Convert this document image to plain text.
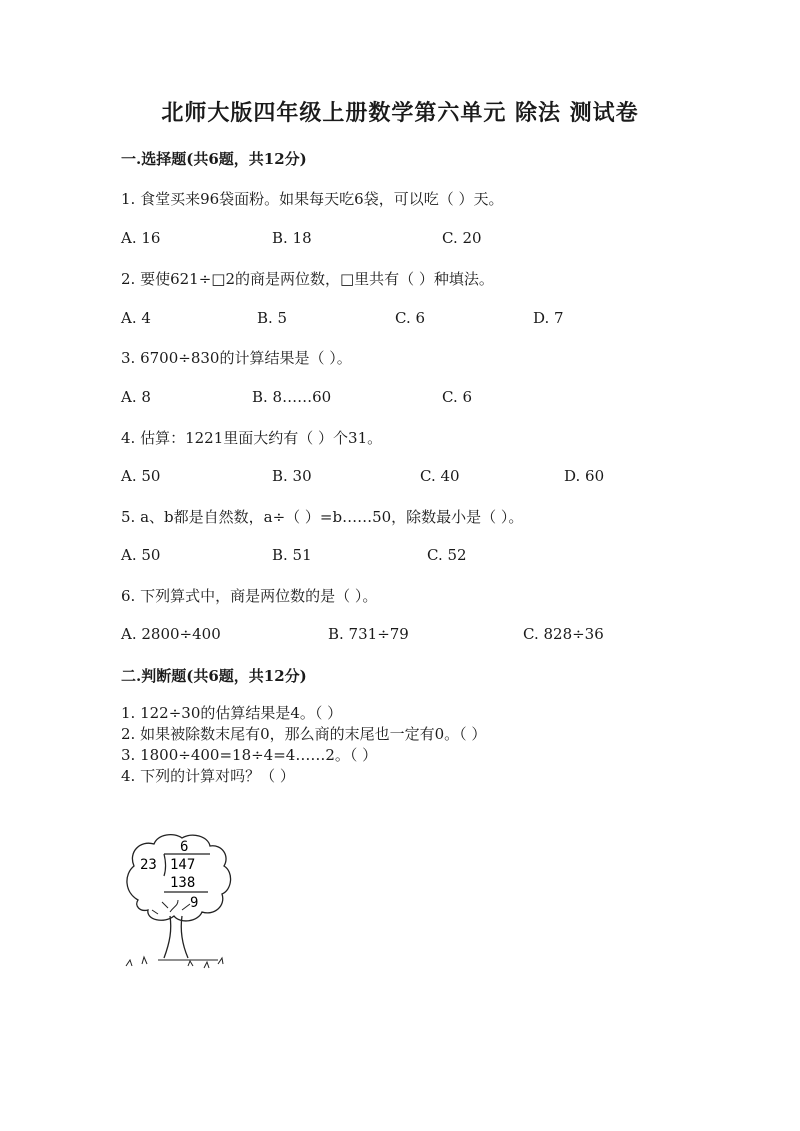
北师大版四年级上册数学第六单元 除法 测试卷
一.选择题(共6题，共12分)
1. 食堂买来96袋面粉。如果每天吃6袋，可以吃（ ）天。
A. 16	B. 18	C. 20
2. 要使621÷□2的商是两位数，□里共有（ ）种填法。
A. 4	B. 5	C. 6	D. 7
3. 6700÷830的计算结果是（ ）。
A. 8	B. 8……60	C. 6
4. 估算：1221里面大约有（ ）个31。
A. 50	B. 30	C. 40	D. 60
5. a、b都是自然数，a÷（ ）=b……50，除数最小是（ ）。
A. 50	B. 51	C. 52
6. 下列算式中，商是两位数的是（ ）。
A. 2800÷400	B. 731÷79	C. 828÷36
二.判断题(共6题，共12分)
1. 122÷30的估算结果是4。（ ）
2. 如果被除数末尾有0，那么商的末尾也一定有0。（ ）
3. 1800÷400=18÷4=4……2。（ ）
4. 下列的计算对吗？（ ）
6
23 147
138
9
